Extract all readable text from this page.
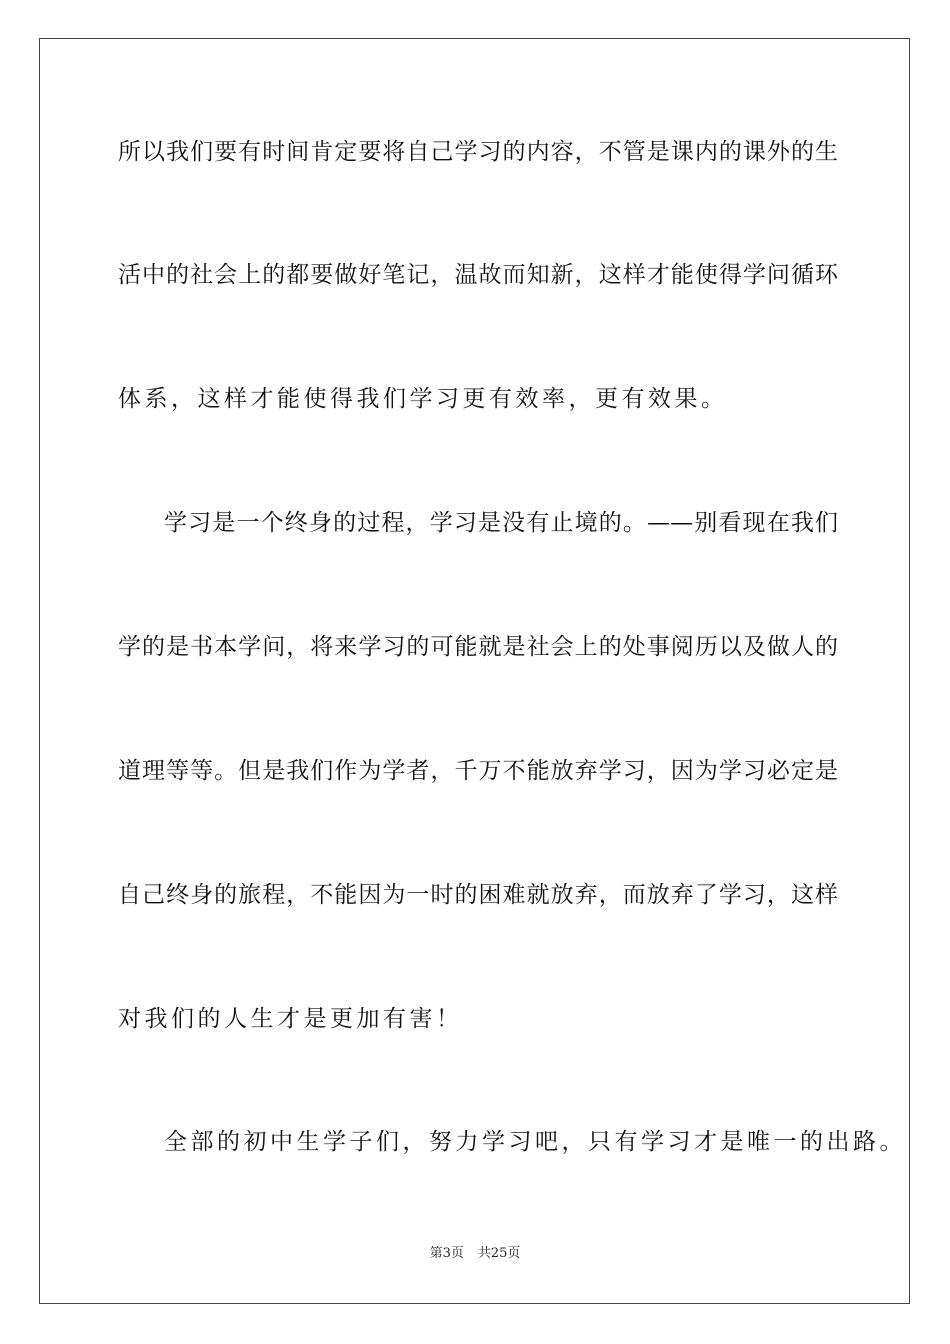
所以我们要有时间肯定要将自己学习的内容，不管是课内的课外的生
活中的社会上的都要做好笔记，温故而知新，这样才能使得学问循环
体系，这样才能使得我们学习更有效率，更有效果。
学习是一个终身的过程，学习是没有止境的。——别看现在我们
学的是书本学问，将来学习的可能就是社会上的处事阅历以及做人的
道理等等。但是我们作为学者，千万不能放弃学习，因为学习必定是
自己终身的旅程，不能因为一时的困难就放弃，而放弃了学习，这样
对我们的人生才是更加有害！
全部的初中生学子们，努力学习吧，只有学习才是唯一的出路。
第3页 共25页
